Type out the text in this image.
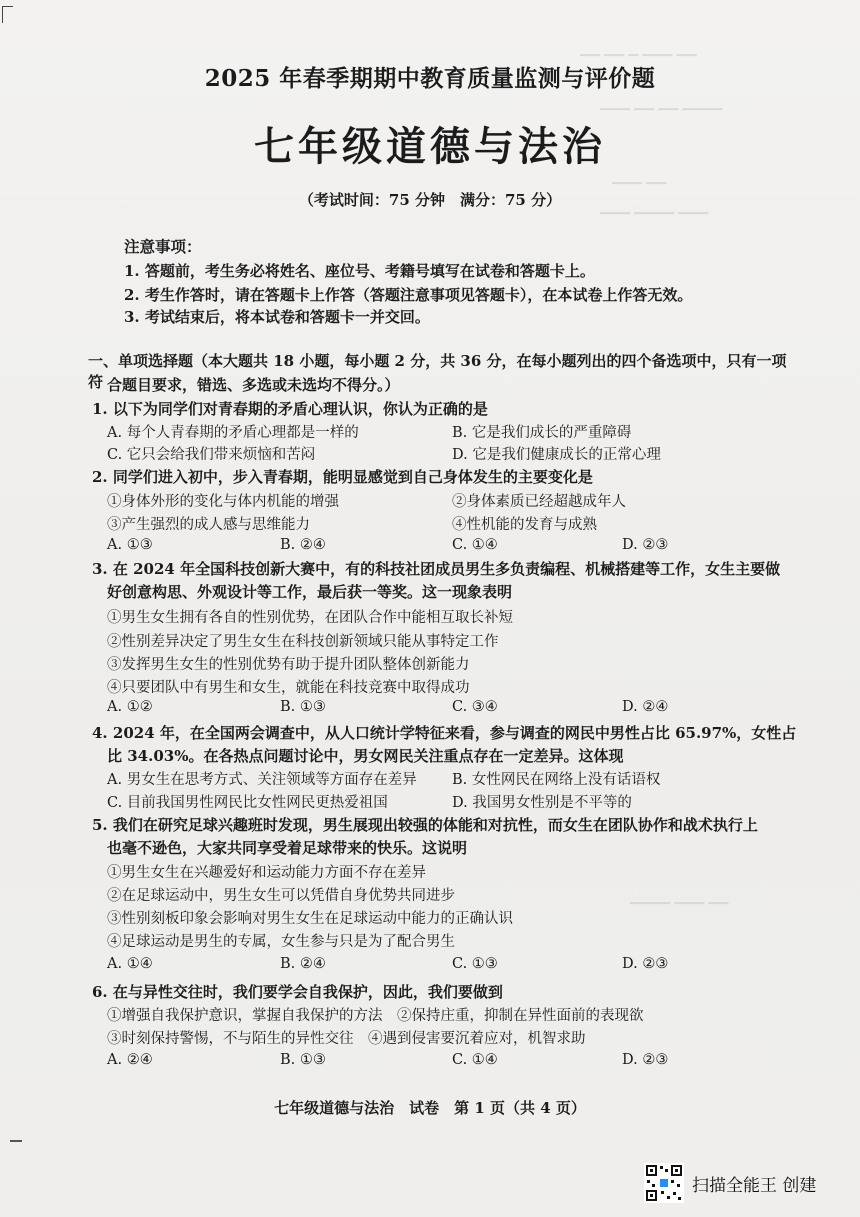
▁▁ ▁▁ ▁ ▁▁▁ ▁▁
▁▁▁ ▁▁ ▁▁ ▁▁▁▁
▁▁▁ ▁▁
▁▁▁ ▁▁▁▁ ▁▁▁
▁▁▁▁ ▁▁▁ ▁▁
2025 年春季期期中教育质量监测与评价题
七年级道德与法治
（考试时间：75 分钟　满分：75 分）
注意事项：
1. 答题前，考生务必将姓名、座位号、考籍号填写在试卷和答题卡上。
2. 考生作答时，请在答题卡上作答（答题注意事项见答题卡），在本试卷上作答无效。
3. 考试结束后，将本试卷和答题卡一并交回。
一、单项选择题（本大题共 18 小题，每小题 2 分，共 36 分，在每小题列出的四个备选项中，只有一项符 合题目要求，错选、多选或未选均不得分。）
1. 以下为同学们对青春期的矛盾心理认识，你认为正确的是
A. 每个人青春期的矛盾心理都是一样的	B. 它是我们成长的严重障碍
C. 它只会给我们带来烦恼和苦闷	D. 它是我们健康成长的正常心理
2. 同学们进入初中，步入青春期，能明显感觉到自己身体发生的主要变化是
①身体外形的变化与体内机能的增强	②身体素质已经超越成年人
③产生强烈的成人感与思维能力	④性机能的发育与成熟
A. ①③	B. ②④	C. ①④	D. ②③
3. 在 2024 年全国科技创新大赛中，有的科技社团成员男生多负责编程、机械搭建等工作，女生主要做
好创意构思、外观设计等工作，最后获一等奖。这一现象表明
①男生女生拥有各自的性别优势，在团队合作中能相互取长补短
②性别差异决定了男生女生在科技创新领域只能从事特定工作
③发挥男生女生的性别优势有助于提升团队整体创新能力
④只要团队中有男生和女生，就能在科技竞赛中取得成功
A. ①②	B. ①③	C. ③④	D. ②④
4. 2024 年，在全国两会调查中，从人口统计学特征来看，参与调查的网民中男性占比 65.97%，女性占
比 34.03%。在各热点问题讨论中，男女网民关注重点存在一定差异。这体现
A. 男女生在思考方式、关注领域等方面存在差异 B. 女性网民在网络上没有话语权
C. 目前我国男性网民比女性网民更热爱祖国	D. 我国男女性别是不平等的
5. 我们在研究足球兴趣班时发现，男生展现出较强的体能和对抗性，而女生在团队协作和战术执行上
也毫不逊色，大家共同享受着足球带来的快乐。这说明
①男生女生在兴趣爱好和运动能力方面不存在差异
②在足球运动中，男生女生可以凭借自身优势共同进步
③性别刻板印象会影响对男生女生在足球运动中能力的正确认识
④足球运动是男生的专属，女生参与只是为了配合男生
A. ①④	B. ②④	C. ①③	D. ②③
6. 在与异性交往时，我们要学会自我保护，因此，我们要做到
①增强自我保护意识，掌握自我保护的方法　②保持庄重，抑制在异性面前的表现欲
③时刻保持警惕，不与陌生的异性交往　④遇到侵害要沉着应对，机智求助
A. ②④	B. ①③	C. ①④	D. ②③
七年级道德与法治　试卷　第 1 页（共 4 页）
扫描全能王 创建
